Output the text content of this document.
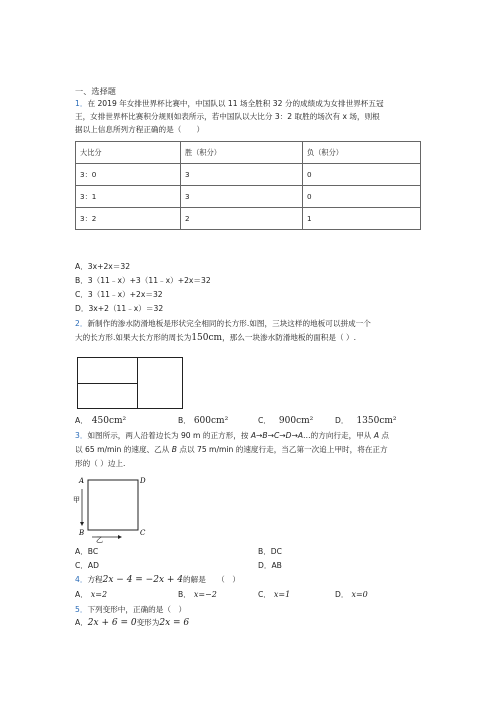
一、选择题
1．在 2019 年女排世界杯比赛中，中国队以 11 场全胜积 32 分的成绩成为女排世界杯五冠
王，女排世界杯比赛积分规则如表所示，若中国队以大比分 3：2 取胜的场次有 x 场，则根
据以上信息所列方程正确的是（　　）
大比分	胜（积分）	负（积分）
3：0	3	0
3：1	3	0
3：2	2	1
A．3x+2x＝32
B．3（11﹣x）+3（11﹣x）+2x＝32
C．3（11﹣x）+2x＝32
D．3x+2（11﹣x）＝32
2．新制作的渗水防滑地板是形状完全相同的长方形.如图，三块这样的地板可以拼成一个
大的长方形.如果大长方形的周长为150cm，那么一块渗水防滑地板的面积是（ ）.
A． 450cm²	B． 600cm²	C． 900cm²	D． 1350cm²
3．如图所示，两人沿着边长为 90 m 的正方形，按 A→B→C→D→A…的方向行走，甲从 A 点
以 65 m/min 的速度、乙从 B 点以 75 m/min 的速度行走，当乙第一次追上甲时，将在正方
形的（ ）边上.
A	D
B	C
甲
乙
A．BC	B．DC
C．AD	D．AB
4．方程2x − 4 = −2x + 4的解是　　（　）
A． x=2	B． x=−2	C． x=1	D． x=0
5．下列变形中，正确的是（　）
A．2x + 6 = 0变形为2x = 6
